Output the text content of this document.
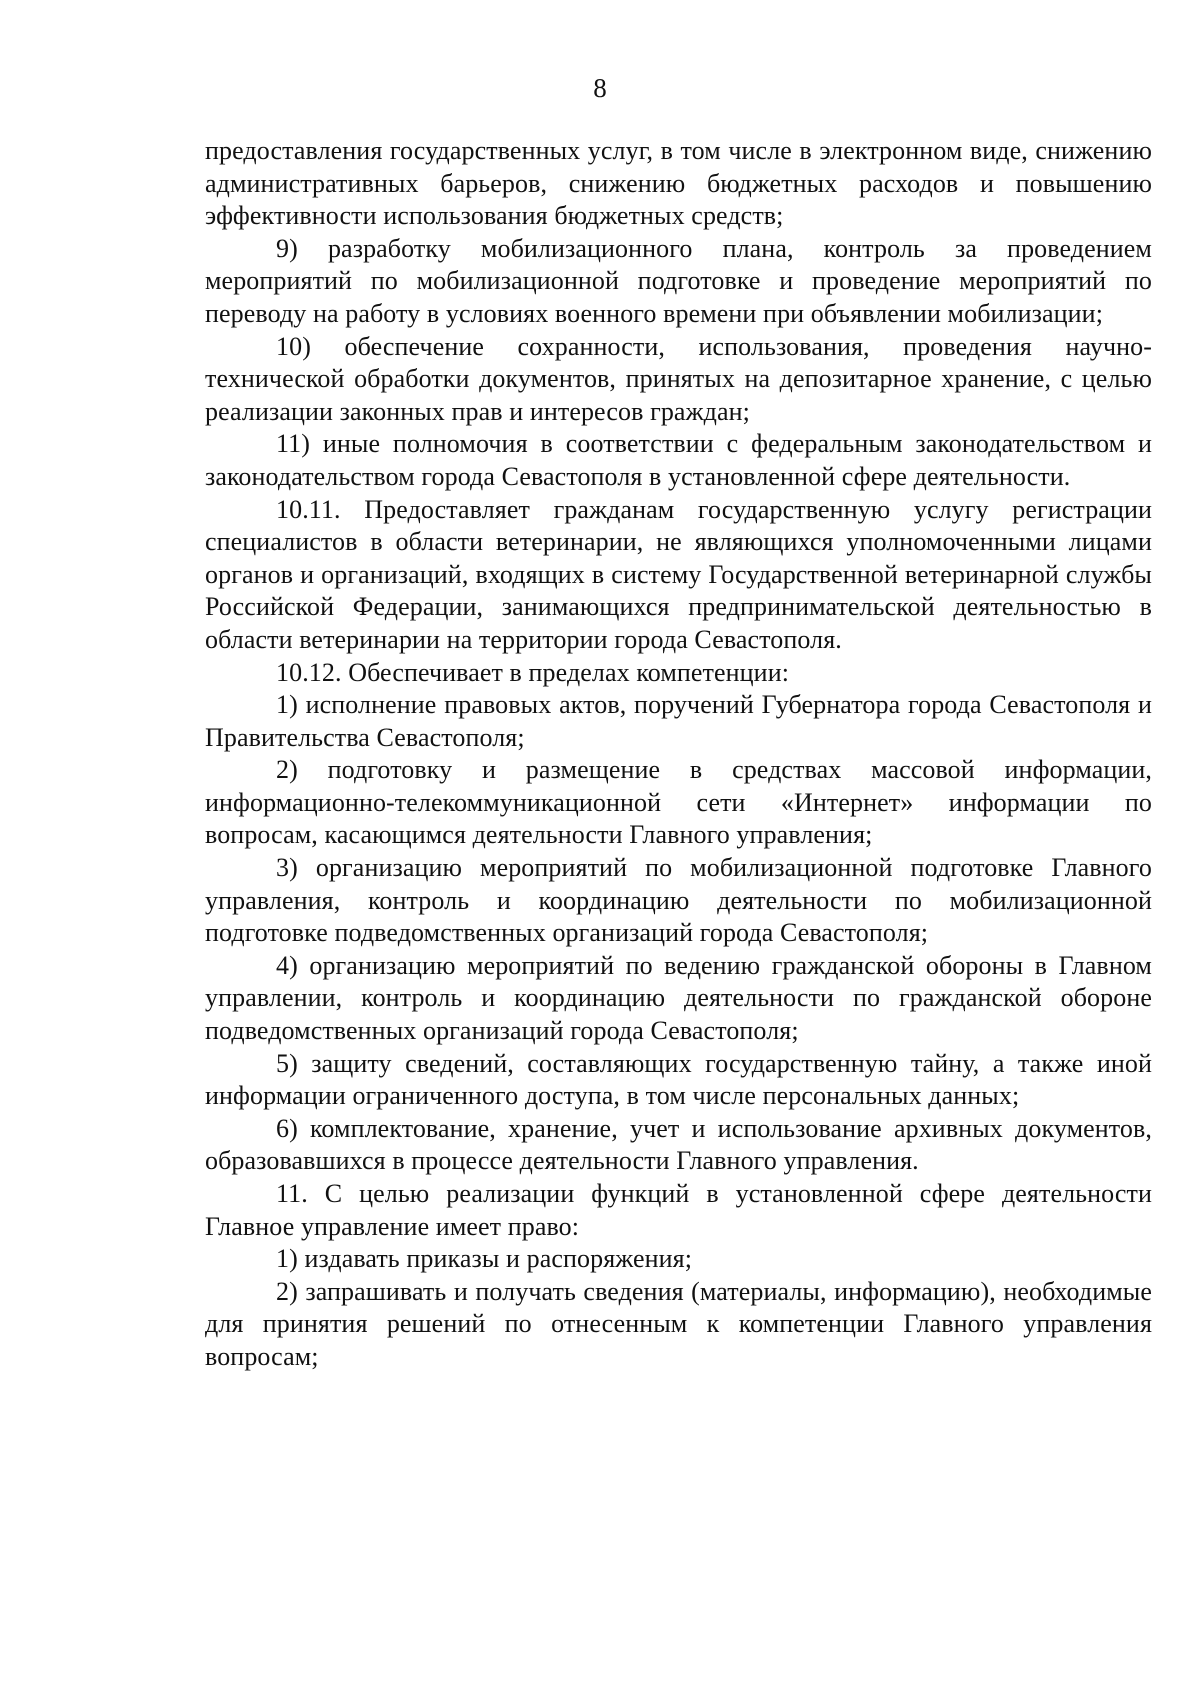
8

предоставления государственных услуг, в том числе в электронном виде, снижению административных барьеров, снижению бюджетных расходов и повышению эффективности использования бюджетных средств;

9) разработку мобилизационного плана, контроль за проведением мероприятий по мобилизационной подготовке и проведение мероприятий по переводу на работу в условиях военного времени при объявлении мобилизации;

10) обеспечение сохранности, использования, проведения научно-технической обработки документов, принятых на депозитарное хранение, с целью реализации законных прав и интересов граждан;

11) иные полномочия в соответствии с федеральным законодательством и законодательством города Севастополя в установленной сфере деятельности.

10.11. Предоставляет гражданам государственную услугу регистрации специалистов в области ветеринарии, не являющихся уполномоченными лицами органов и организаций, входящих в систему Государственной ветеринарной службы Российской Федерации, занимающихся предпринимательской деятельностью в области ветеринарии на территории города Севастополя.

10.12. Обеспечивает в пределах компетенции:

1) исполнение правовых актов, поручений Губернатора города Севастополя и Правительства Севастополя;

2) подготовку и размещение в средствах массовой информации, информационно-телекоммуникационной сети «Интернет» информации по вопросам, касающимся деятельности Главного управления;

3) организацию мероприятий по мобилизационной подготовке Главного управления, контроль и координацию деятельности по мобилизационной подготовке подведомственных организаций города Севастополя;

4) организацию мероприятий по ведению гражданской обороны в Главном управлении, контроль и координацию деятельности по гражданской обороне подведомственных организаций города Севастополя;

5) защиту сведений, составляющих государственную тайну, а также иной информации ограниченного доступа, в том числе персональных данных;

6) комплектование, хранение, учет и использование архивных документов, образовавшихся в процессе деятельности Главного управления.

11. С целью реализации функций в установленной сфере деятельности Главное управление имеет право:

1) издавать приказы и распоряжения;

2) запрашивать и получать сведения (материалы, информацию), необходимые для принятия решений по отнесенным к компетенции Главного управления вопросам;
